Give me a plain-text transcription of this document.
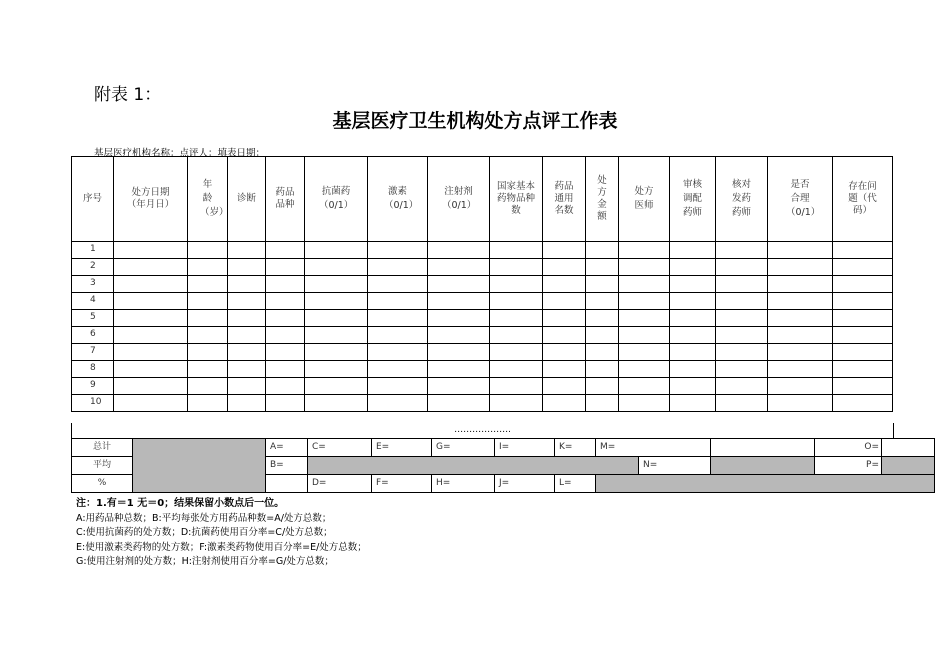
附表 1：
基层医疗卫生机构处方点评工作表
基层医疗机构名称：点评人：填表日期：
序号	处方日期（年月日）	年龄（岁）	诊断	药品品种	抗菌药（0/1）	激素（0/1）	注射剂（0/1）	国家基本药物品种数	药品通用名数	处方金额	处方医师	审核调配药师	核对发药药师	是否合理（0/1）	存在问题（代码）

1															
2															
3															
4															
5															
6															
7															
8															
9															
10															
……………….
总计		A=	C=	E=	G=	I=	K=	M=			O=	
平均		B=							N=		P=	
%			D=	F=	H=	J=	L=					
注：1.有＝1 无＝0；结果保留小数点后一位。
A:用药品种总数；B:平均每张处方用药品种数=A/处方总数；
C:使用抗菌药的处方数；D:抗菌药使用百分率=C/处方总数；
E:使用激素类药物的处方数；F:激素类药物使用百分率=E/处方总数；
G:使用注射剂的处方数；H:注射剂使用百分率=G/处方总数；
